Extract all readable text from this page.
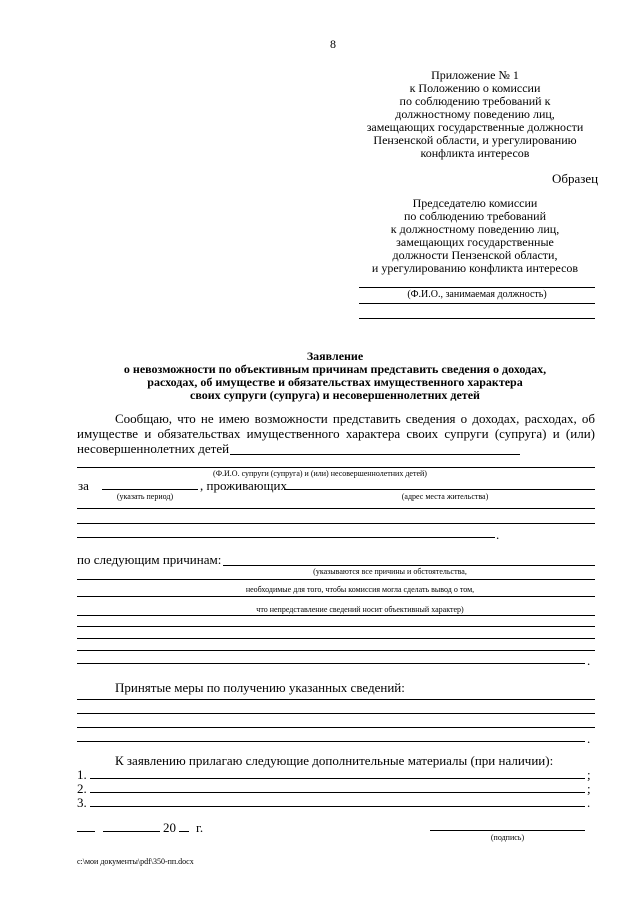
8
Приложение № 1
к Положению о комиссии
по соблюдению требований к
должностному поведению лиц,
замещающих государственные должности
Пензенской области, и урегулированию
конфликта интересов
Образец
Председателю комиссии
по соблюдению требований
к должностному поведению лиц,
замещающих государственные
должности Пензенской области,
и урегулированию конфликта интересов
(Ф.И.О., занимаемая должность)
Заявление
о невозможности по объективным причинам представить сведения о доходах,
расходах, об имуществе и обязательствах имущественного характера
своих супруги (супруга) и несовершеннолетних детей
Сообщаю, что не имею возможности представить сведения о доходах, расходах, об
имуществе и обязательствах имущественного характера своих супруги (супруга) и (или)
несовершеннолетних детей
(Ф.И.О. супруги (супруга) и (или) несовершеннолетних детей)
за	, проживающих
(указать период)	(адрес места жительства)
.
по следующим причинам:
(указываются все причины и обстоятельства,
необходимые для того, чтобы комиссия могла сделать вывод о том,
что непредставление сведений носит объективный характер)
.
Принятые меры по получению указанных сведений:
.
К заявлению прилагаю следующие дополнительные материалы (при наличии):
1.	;
2.	;
3.	.
20 г.
(подпись)
c:\мои документы\pdf\350-пп.docx
